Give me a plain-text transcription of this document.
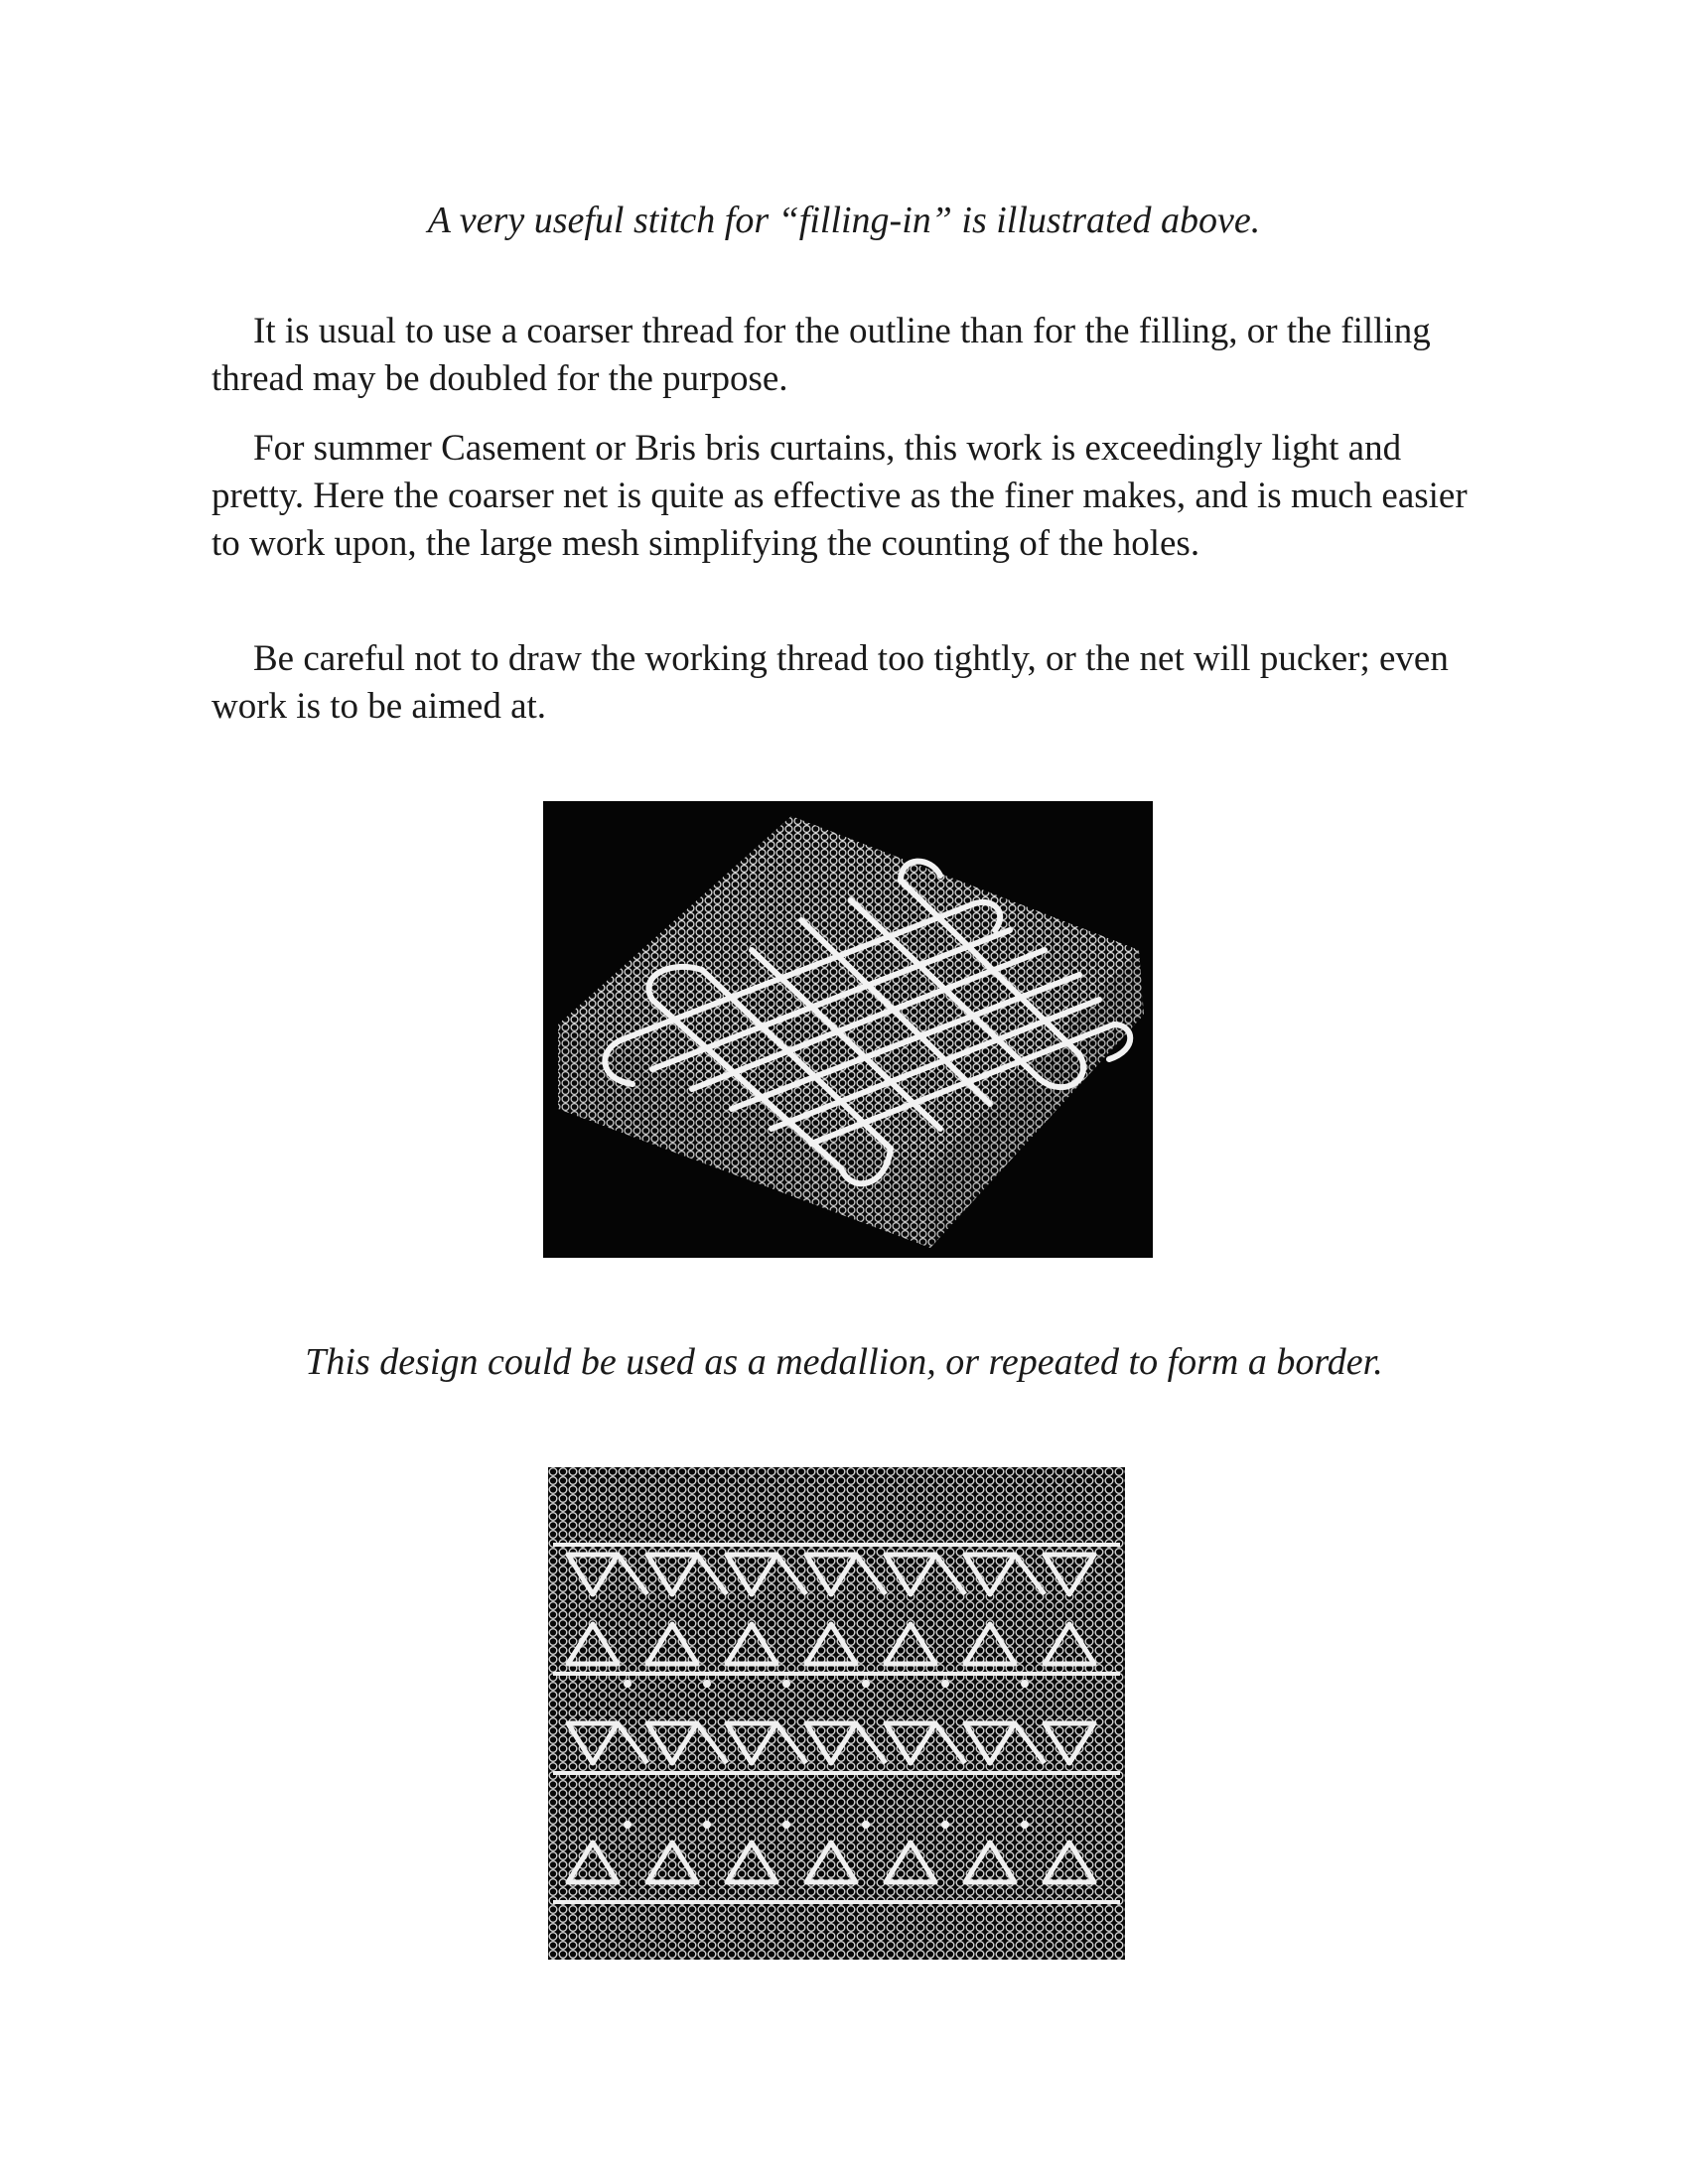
A very useful stitch for “filling-in” is illustrated above.

It is usual to use a coarser thread for the outline than for the filling, or the filling thread may be doubled for the purpose.

For summer Casement or Bris bris curtains, this work is exceedingly light and pretty. Here the coarser net is quite as effective as the finer makes, and is much easier to work upon, the large mesh simplifying the counting of the holes.

Be careful not to draw the working thread too tightly, or the net will pucker; even work is to be aimed at.

This design could be used as a medallion, or repeated to form a border.
